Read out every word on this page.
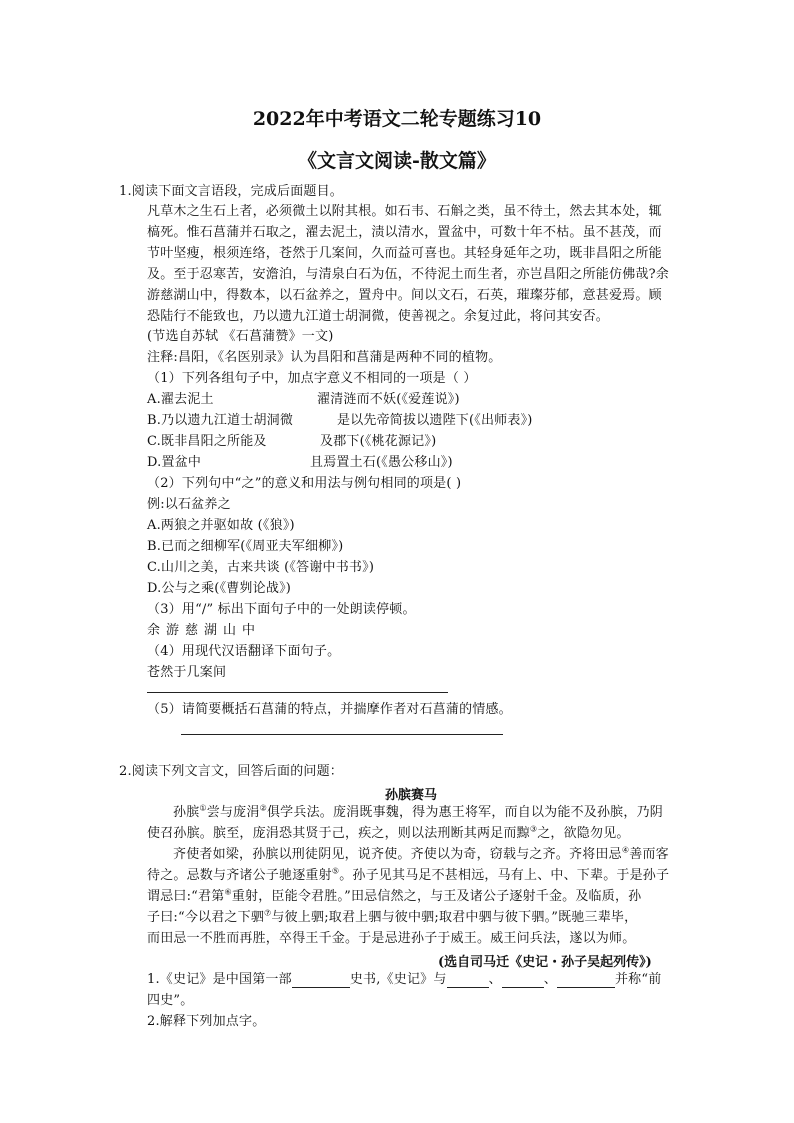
2022年中考语文二轮专题练习10
《文言文阅读-散文篇》
1.阅读下面文言语段，完成后面题目。
凡草木之生石上者，必须微土以附其根。如石韦、石斛之类，虽不待土，然去其本处，辄
槁死。惟石菖蒲并石取之，濯去泥土，渍以清水，置盆中，可数十年不枯。虽不甚茂，而
节叶坚瘦，根须连络，苍然于几案间，久而益可喜也。其轻身延年之功，既非昌阳之所能
及。至于忍寒苦，安澹泊，与清泉白石为伍，不待泥土而生者，亦岂昌阳之所能仿佛哉?余
游慈湖山中，得数本，以石盆养之，置舟中。间以文石，石英，璀璨芬郁，意甚爱焉。顾
恐陆行不能致也，乃以遗九江道士胡洞微，使善视之。余复过此，将问其安否。
(节选自苏轼 《石菖蒲赞》一文)
注释:昌阳，《名医别录》认为昌阳和菖蒲是两种不同的植物。
（1）下列各组句子中，加点字意义不相同的一项是（ ）
A.濯去泥土	濯清涟而不妖(《爱莲说》)
B.乃以遗九江道士胡洞微	是以先帝简拔以遗陛下(《出师表》)
C.既非昌阳之所能及	及郡下(《桃花源记》)
D.置盆中	且焉置土石(《愚公移山》)
（2）下列句中“之”的意义和用法与例句相同的项是( )
例:以石盆养之
A.两狼之并驱如故 (《狼》)
B.已而之细柳军(《周亚夫军细柳》)
C.山川之美，古来共谈 (《答谢中书书》)
D.公与之乘(《曹刿论战》)
（3）用“/” 标出下面句子中的一处朗读停顿。
余游慈湖山中
（4）用现代汉语翻译下面句子。
苍然于几案间
（5）请简要概括石菖蒲的特点，并揣摩作者对石菖蒲的情感。
2.阅读下列文言文，回答后面的问题：
孙膑赛马
孙膑①尝与庞涓②俱学兵法。庞涓既事魏，得为惠王将军，而自以为能不及孙膑，乃阴
使召孙膑。膑至，庞涓恐其贤于己，疾之，则以法刑断其两足而黥③之，欲隐勿见。
齐使者如梁，孙膑以刑徒阴见，说齐使。齐使以为奇，窃载与之齐。齐将田忌④善而客
待之。忌数与齐诸公子驰逐重射⑤。孙子见其马足不甚相远，马有上、中、下辈。于是孙子
谓忌曰:“君第⑥重射，臣能令君胜。”田忌信然之，与王及诸公子逐射千金。及临质，孙
子曰:“今以君之下驷⑦与彼上驷;取君上驷与彼中驷;取君中驷与彼下驷。”既驰三辈毕，
而田忌一不胜而再胜，卒得王千金。于是忌进孙子于威王。威王问兵法，遂以为师。
(选自司马迁《史记・孙子吴起列传》)
1.《史记》是中国第一部	史书,《史记》与	、	、	并称“前
四史”。
2.解释下列加点字。
